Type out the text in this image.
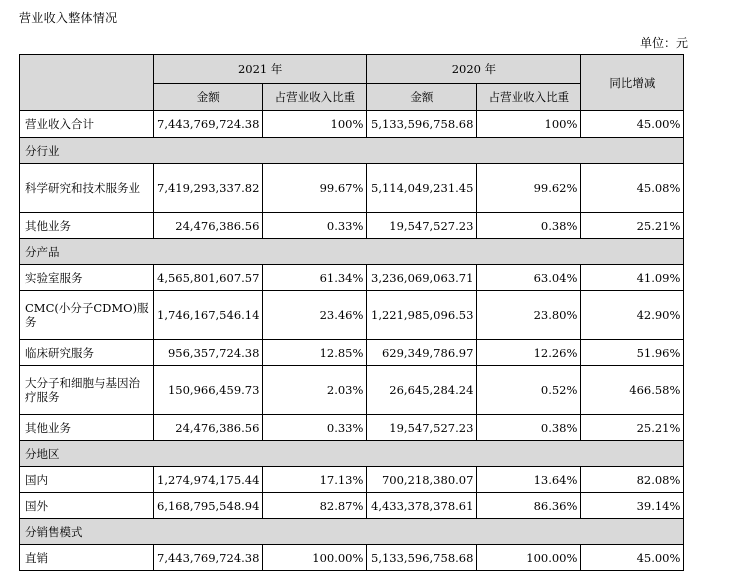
营业收入整体情况
单位：元
	2021 年		2020 年		同比增减
	金额	占营业收入比重	金额	占营业收入比重	
营业收入合计	7,443,769,724.38	100%	5,133,596,758.68	100%	45.00%
分行业					
科学研究和技术服务业	7,419,293,337.82	99.67%	5,114,049,231.45	99.62%	45.08%
其他业务	24,476,386.56	0.33%	19,547,527.23	0.38%	25.21%
分产品					
实验室服务	4,565,801,607.57	61.34%	3,236,069,063.71	63.04%	41.09%
CMC(小分子CDMO)服务	1,746,167,546.14	23.46%	1,221,985,096.53	23.80%	42.90%
临床研究服务	956,357,724.38	12.85%	629,349,786.97	12.26%	51.96%
大分子和细胞与基因治疗服务	150,966,459.73	2.03%	26,645,284.24	0.52%	466.58%
其他业务	24,476,386.56	0.33%	19,547,527.23	0.38%	25.21%
分地区					
国内	1,274,974,175.44	17.13%	700,218,380.07	13.64%	82.08%
国外	6,168,795,548.94	82.87%	4,433,378,378.61	86.36%	39.14%
分销售模式					
直销	7,443,769,724.38	100.00%	5,133,596,758.68	100.00%	45.00%
